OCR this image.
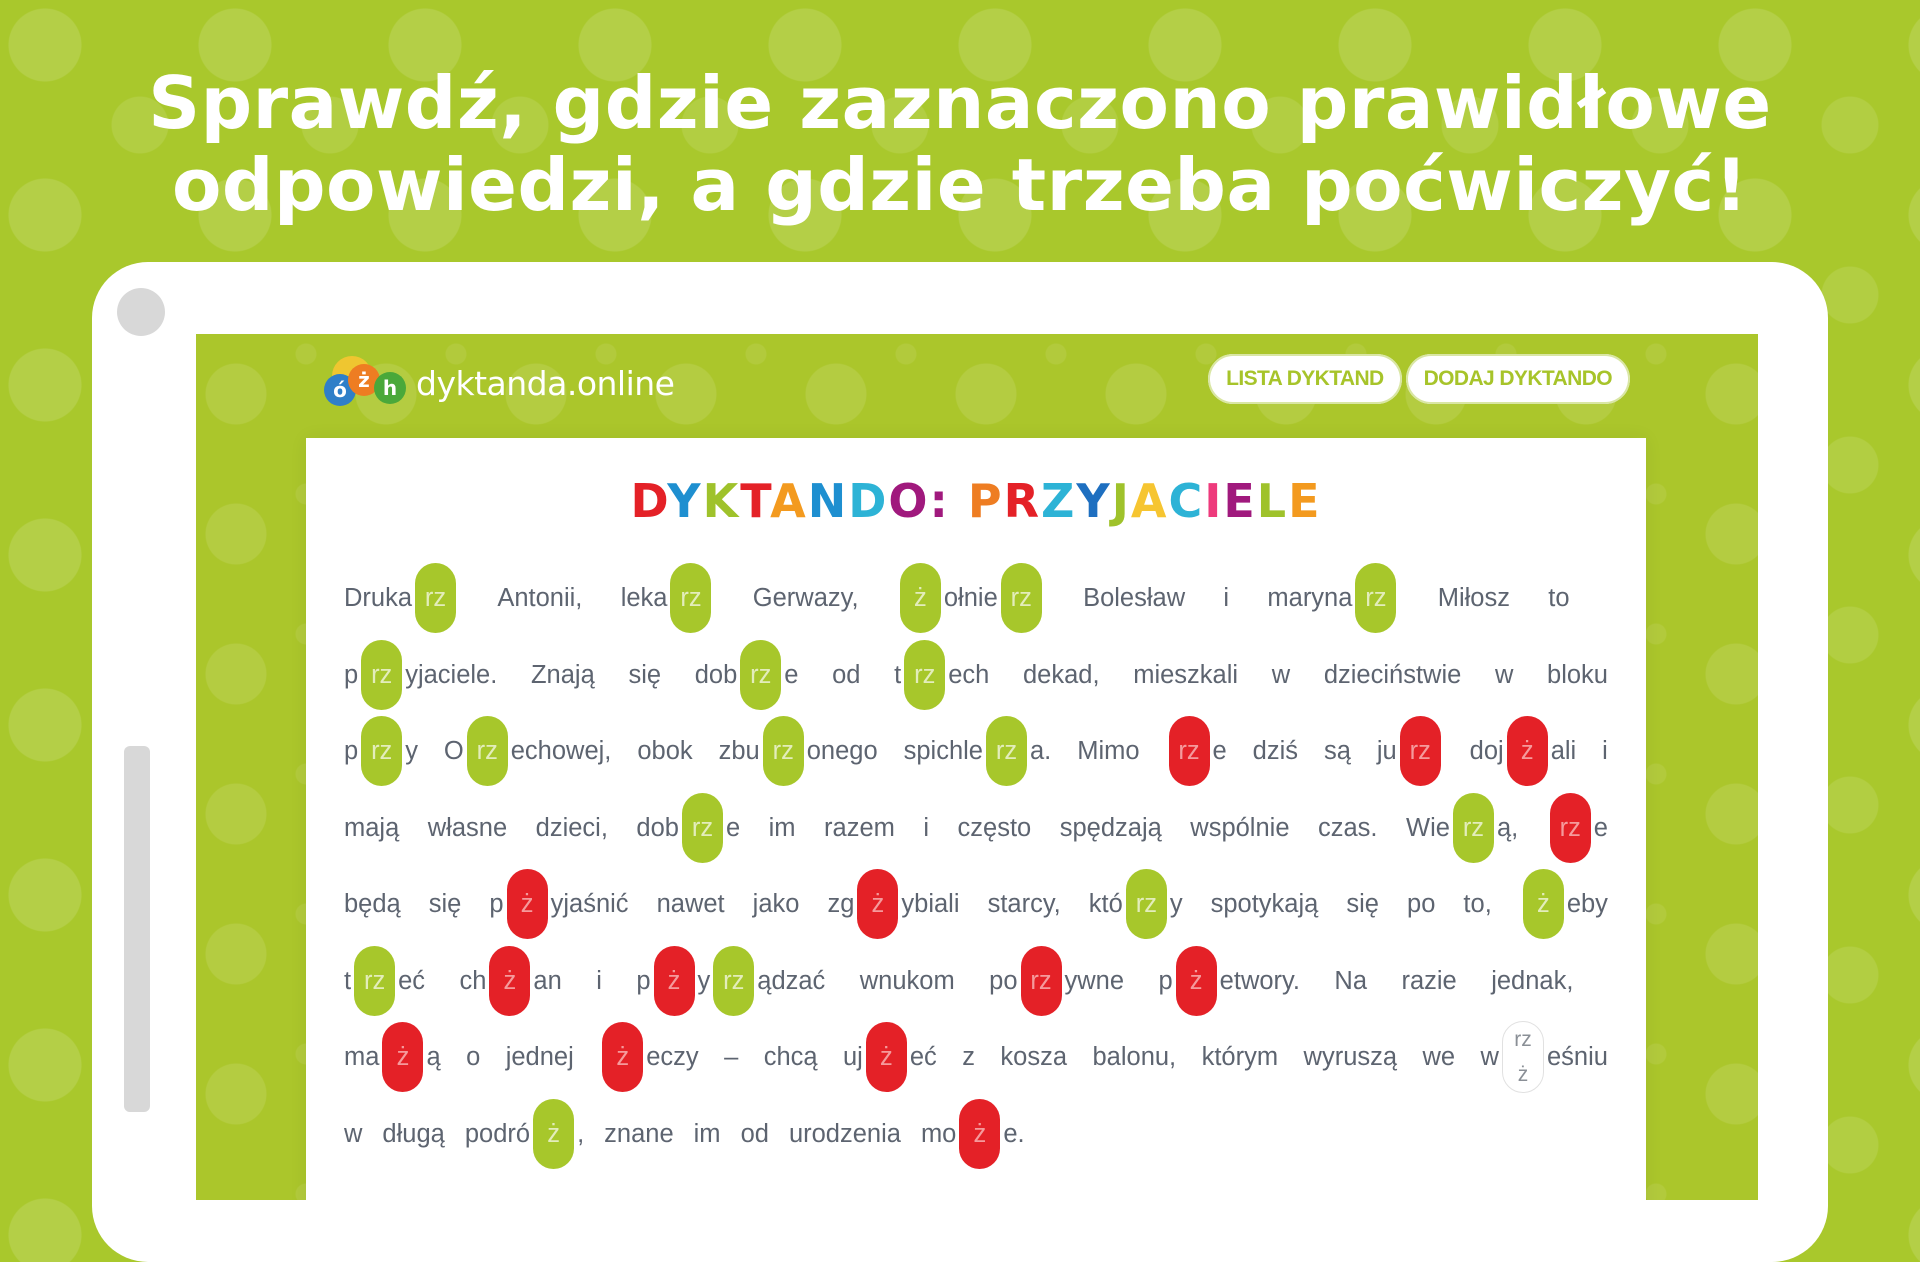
Sprawdź, gdzie zaznaczono prawidłowe
odpowiedzi, a gdzie trzeba poćwiczyć!
ó ż h dyktanda.online	LISTA DYKTAND	DODAJ DYKTANDO
DYKTANDO: PRZYJACIELE
Druka rz	Antonii, leka rz	Gerwazy,	ż ołnie rz	Bolesław i maryna rz	Miłosz to
p rz yjaciele. Znają się dob rz e od t rz ech dekad, mieszkali w dzieciństwie w bloku
p rz y O rz echowej, obok zbu rz onego spichle rz a. Mimo	rz e dziś są ju rz	doj ż ali i
mają własne dzieci, dob rz e im razem i często spędzają wspólnie czas. Wie rz ą,	rz e
będą się p ż yjaśnić nawet jako zg ż ybiali starcy, któ rz y spotykają się po to,	ż eby
t rz eć ch ż an i p ż y rz ądzać wnukom po rz ywne p ż etwory. Na razie jednak,
ma ż ą o jednej	ż eczy – chcą uj ż eć z kosza balonu, którym wyruszą we w
rz
ż
eśniu
w długą podró ż , znane im od urodzenia mo ż e.
